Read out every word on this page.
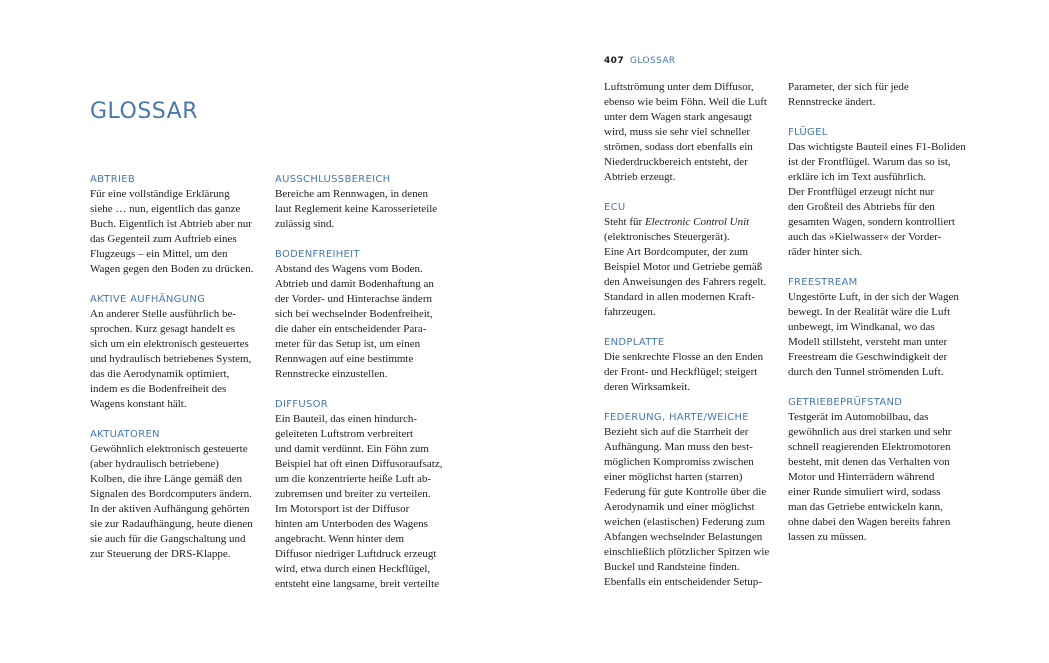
GLOSSAR
407 GLOSSAR
ABTRIEB
Für eine vollständige Erklärung
siehe … nun, eigentlich das ganze
Buch. Eigentlich ist Abtrieb aber nur
das Gegenteil zum Auftrieb eines
Flugzeugs – ein Mittel, um den
Wagen gegen den Boden zu drücken.
AKTIVE AUFHÄNGUNG
An anderer Stelle ausführlich be-
sprochen. Kurz gesagt handelt es
sich um ein elektronisch gesteuertes
und hydraulisch betriebenes System,
das die Aerodynamik optimiert,
indem es die Bodenfreiheit des
Wagens konstant hält.
AKTUATOREN
Gewöhnlich elektronisch gesteuerte
(aber hydraulisch betriebene)
Kolben, die ihre Länge gemäß den
Signalen des Bordcomputers ändern.
In der aktiven Aufhängung gehörten
sie zur Radaufhängung, heute dienen
sie auch für die Gangschaltung und
zur Steuerung der DRS-Klappe.
AUSSCHLUSSBEREICH
Bereiche am Rennwagen, in denen
laut Reglement keine Karosserieteile
zulässig sind.
BODENFREIHEIT
Abstand des Wagens vom Boden.
Abtrieb und damit Bodenhaftung an
der Vorder- und Hinterachse ändern
sich bei wechselnder Bodenfreiheit,
die daher ein entscheidender Para-
meter für das Setup ist, um einen
Rennwagen auf eine bestimmte
Rennstrecke einzustellen.
DIFFUSOR
Ein Bauteil, das einen hindurch-
geleiteten Luftstrom verbreitert
und damit verdünnt. Ein Föhn zum
Beispiel hat oft einen Diffusoraufsatz,
um die konzentrierte heiße Luft ab-
zubremsen und breiter zu verteilen.
Im Motorsport ist der Diffusor
hinten am Unterboden des Wagens
angebracht. Wenn hinter dem
Diffusor niedriger Luftdruck erzeugt
wird, etwa durch einen Heckflügel,
entsteht eine langsame, breit verteilte
Luftströmung unter dem Diffusor,
ebenso wie beim Föhn. Weil die Luft
unter dem Wagen stark angesaugt
wird, muss sie sehr viel schneller
strömen, sodass dort ebenfalls ein
Niederdruckbereich entsteht, der
Abtrieb erzeugt.
ECU
Steht für Electronic Control Unit
(elektronisches Steuergerät).
Eine Art Bordcomputer, der zum
Beispiel Motor und Getriebe gemäß
den Anweisungen des Fahrers regelt.
Standard in allen modernen Kraft-
fahrzeugen.
ENDPLATTE
Die senkrechte Flosse an den Enden
der Front- und Heckflügel; steigert
deren Wirksamkeit.
FEDERUNG, HARTE/WEICHE
Bezieht sich auf die Starrheit der
Aufhängung. Man muss den best-
möglichen Kompromiss zwischen
einer möglichst harten (starren)
Federung für gute Kontrolle über die
Aerodynamik und einer möglichst
weichen (elastischen) Federung zum
Abfangen wechselnder Belastungen
einschließlich plötzlicher Spitzen wie
Buckel und Randsteine finden.
Ebenfalls ein entscheidender Setup-
Parameter, der sich für jede
Rennstrecke ändert.
FLÜGEL
Das wichtigste Bauteil eines F1-Boliden
ist der Frontflügel. Warum das so ist,
erkläre ich im Text ausführlich.
Der Frontflügel erzeugt nicht nur
den Großteil des Abtriebs für den
gesamten Wagen, sondern kontrolliert
auch das »Kielwasser« der Vorder-
räder hinter sich.
FREESTREAM
Ungestörte Luft, in der sich der Wagen
bewegt. In der Realität wäre die Luft
unbewegt, im Windkanal, wo das
Modell stillsteht, versteht man unter
Freestream die Geschwindigkeit der
durch den Tunnel strömenden Luft.
GETRIEBEPRÜFSTAND
Testgerät im Automobilbau, das
gewöhnlich aus drei starken und sehr
schnell reagierenden Elektromotoren
besteht, mit denen das Verhalten von
Motor und Hinterrädern während
einer Runde simuliert wird, sodass
man das Getriebe entwickeln kann,
ohne dabei den Wagen bereits fahren
lassen zu müssen.
